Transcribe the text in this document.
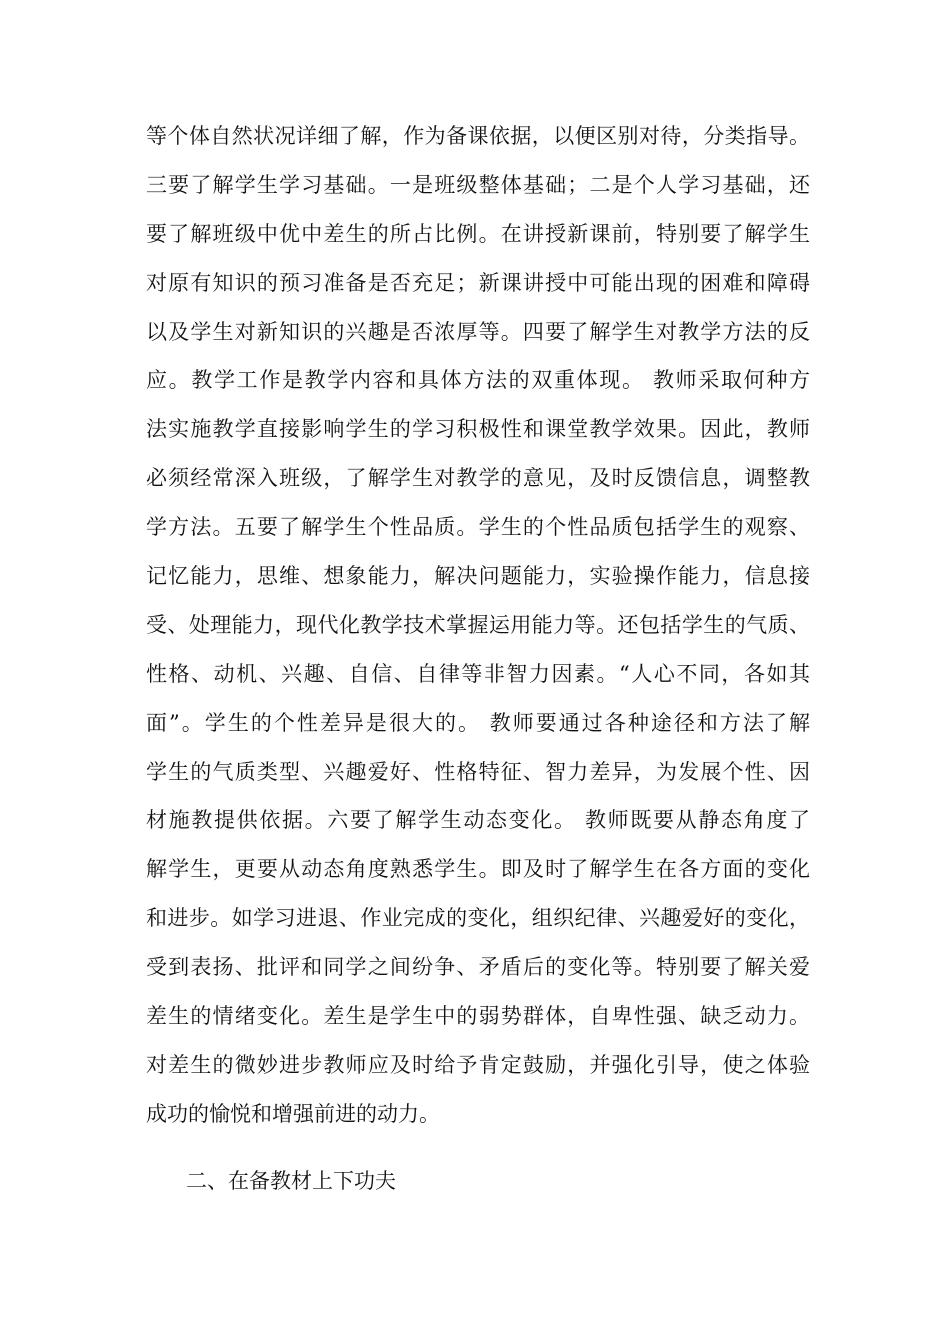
等个体自然状况详细了解，作为备课依据，以便区别对待，分类指导。
三要了解学生学习基础。一是班级整体基础；二是个人学习基础，还
要了解班级中优中差生的所占比例。在讲授新课前，特别要了解学生
对原有知识的预习准备是否充足；新课讲授中可能出现的困难和障碍
以及学生对新知识的兴趣是否浓厚等。四要了解学生对教学方法的反
应。教学工作是教学内容和具体方法的双重体现。 教师采取何种方
法实施教学直接影响学生的学习积极性和课堂教学效果。因此，教师
必须经常深入班级，了解学生对教学的意见，及时反馈信息，调整教
学方法。五要了解学生个性品质。学生的个性品质包括学生的观察、
记忆能力，思维、想象能力，解决问题能力，实验操作能力，信息接
受、处理能力，现代化教学技术掌握运用能力等。还包括学生的气质、
性格、动机、兴趣、自信、自律等非智力因素。“人心不同，各如其
面”。学生的个性差异是很大的。 教师要通过各种途径和方法了解
学生的气质类型、兴趣爱好、性格特征、智力差异，为发展个性、因
材施教提供依据。六要了解学生动态变化。 教师既要从静态角度了
解学生，更要从动态角度熟悉学生。即及时了解学生在各方面的变化
和进步。如学习进退、作业完成的变化，组织纪律、兴趣爱好的变化，
受到表扬、批评和同学之间纷争、矛盾后的变化等。特别要了解关爱
差生的情绪变化。差生是学生中的弱势群体，自卑性强、缺乏动力。
对差生的微妙进步教师应及时给予肯定鼓励，并强化引导，使之体验
成功的愉悦和增强前进的动力。
二、在备教材上下功夫
